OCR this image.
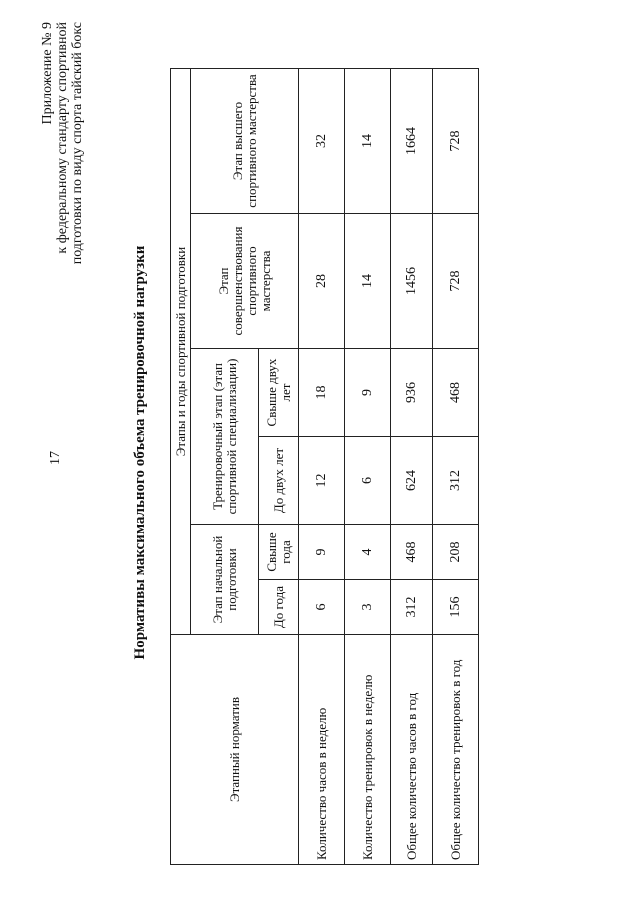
17
Приложение № 9 к федеральному стандарту спортивной подготовки по виду спорта тайский бокс
Нормативы максимального объема тренировочной нагрузки
Этапный норматив	Этапы и годы спортивной подготовки					
	Этап начальной подготовки		Тренировочный этап (этап спортивной специализации)		Этап совершенствования спортивного мастерства	Этап высшего спортивного мастерства
	До года	Свыше года	До двух лет	Свыше двух лет		
Количество часов в неделю	6	9	12	18	28	32
Количество тренировок в неделю	3	4	6	9	14	14
Общее количество часов в год	312	468	624	936	1456	1664
Общее количество тренировок в год	156	208	312	468	728	728
